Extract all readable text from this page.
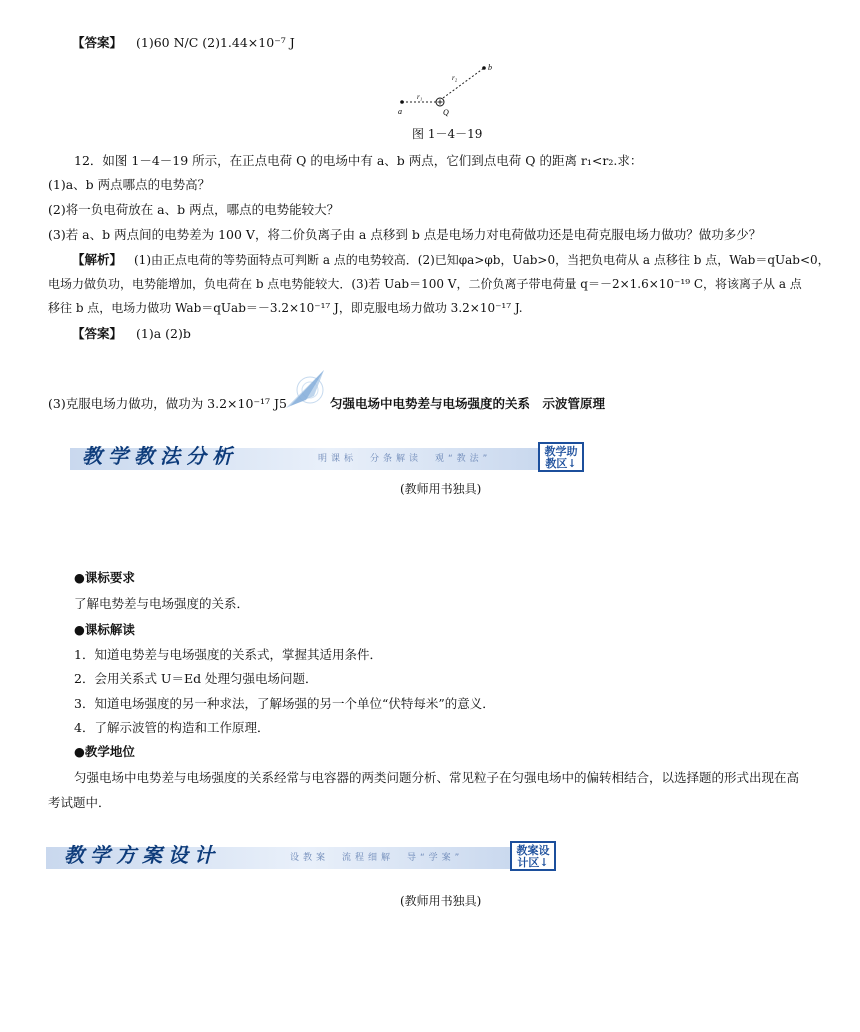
【答案】 (1)60 N/C (2)1.44×10⁻⁷ J
a
b
Q
r₁
r₂
图 1－4－19
12．如图 1－4－19 所示，在正点电荷 Q 的电场中有 a、b 两点，它们到点电荷 Q 的距离 r₁<r₂.求：
(1)a、b 两点哪点的电势高？
(2)将一负电荷放在 a、b 两点，哪点的电势能较大？
(3)若 a、b 两点间的电势差为 100 V，将二价负离子由 a 点移到 b 点是电场力对电荷做功还是电荷克服电场力做功？做功多少？
【解析】 (1)由正点电荷的等势面特点可判断 a 点的电势较高．(2)已知φa>φb，Uab>0，当把负电荷从 a 点移往 b 点，Wab＝qUab<0，
电场力做负功，电势能增加，负电荷在 b 点电势能较大．(3)若 Uab＝100 V，二价负离子带电荷量 q＝－2×1.6×10⁻¹⁹ C，将该离子从 a 点
移往 b 点，电场力做功 Wab＝qUab＝－3.2×10⁻¹⁷ J，即克服电场力做功 3.2×10⁻¹⁷ J.
【答案】 (1)a (2)b
(3)克服电场力做功，做功为 3.2×10⁻¹⁷ J5	匀强电场中电势差与电场强度的关系　示波管原理
教学教法分析	明课标　分条解读　观“教法”
教学助教区↓
(教师用书独具)
●课标要求
了解电势差与电场强度的关系．
●课标解读
1．知道电势差与电场强度的关系式，掌握其适用条件．
2．会用关系式 U＝Ed 处理匀强电场问题．
3．知道电场强度的另一种求法，了解场强的另一个单位“伏特每米”的意义．
4．了解示波管的构造和工作原理．
●教学地位
匀强电场中电势差与电场强度的关系经常与电容器的两类问题分析、常见粒子在匀强电场中的偏转相结合，以选择题的形式出现在高
考试题中．
教学方案设计	设教案　流程细解　导“学案”
教案设计区↓
(教师用书独具)
